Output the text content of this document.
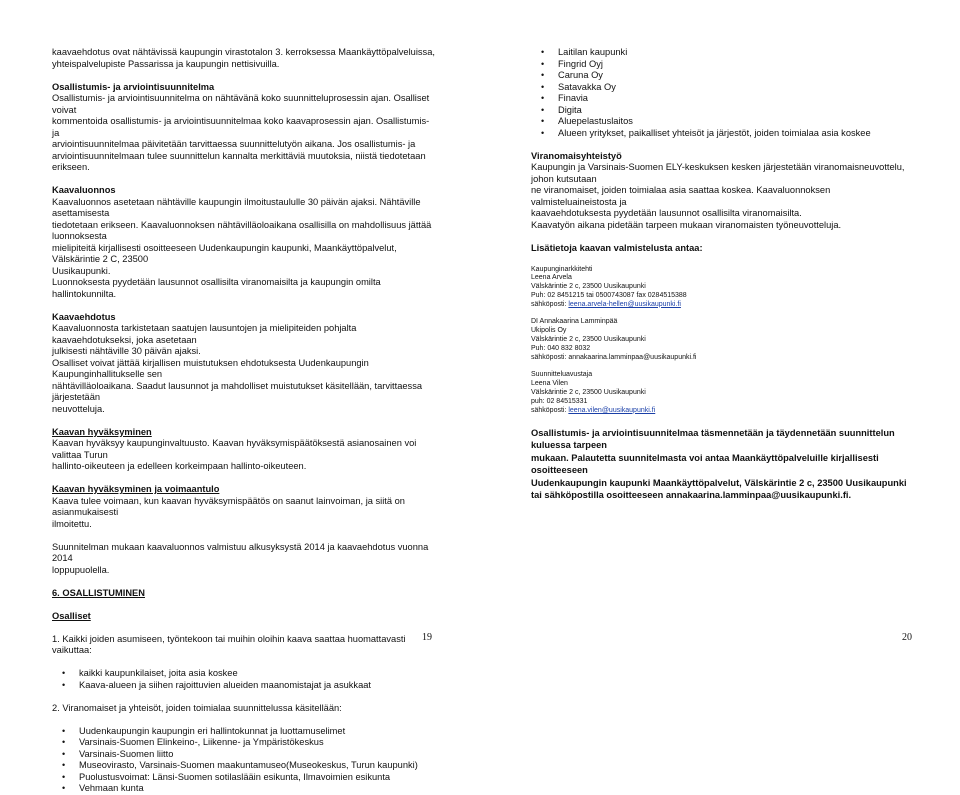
kaavaehdotus ovat nähtävissä kaupungin virastotalon 3. kerroksessa Maankäyttöpalveluissa,

yhteispalvelupiste Passarissa ja kaupungin nettisivuilla.

Osallistumis- ja arviointisuunnitelma

Osallistumis- ja arviointisuunnitelma on nähtävänä koko suunnitteluprosessin ajan. Osalliset voivat

kommentoida osallistumis- ja arviointisuunnitelmaa koko kaavaprosessin ajan. Osallistumis- ja

arviointisuunnitelmaa päivitetään tarvittaessa suunnittelutyön aikana. Jos osallistumis- ja

arviointisuunnitelmaan tulee suunnittelun kannalta merkittäviä muutoksia, niistä tiedotetaan erikseen.

Kaavaluonnos

Kaavaluonnos asetetaan nähtäville kaupungin ilmoitustaululle 30 päivän ajaksi. Nähtäville asettamisesta

tiedotetaan erikseen. Kaavaluonnoksen nähtävilläoloaikana osallisilla on mahdollisuus jättää luonnoksesta

mielipiteitä kirjallisesti osoitteeseen Uudenkaupungin kaupunki, Maankäyttöpalvelut, Välskärintie 2 C, 23500

Uusikaupunki.

Luonnoksesta pyydetään lausunnot osallisilta viranomaisilta ja kaupungin omilta hallintokunnilta.

Kaavaehdotus

Kaavaluonnosta tarkistetaan saatujen lausuntojen ja mielipiteiden pohjalta kaavaehdotukseksi, joka asetetaan

julkisesti nähtäville 30 päivän ajaksi.

Osalliset voivat jättää kirjallisen muistutuksen ehdotuksesta Uudenkaupungin Kaupunginhallitukselle sen

nähtävilläoloaikana. Saadut lausunnot ja mahdolliset muistutukset käsitellään, tarvittaessa järjestetään

neuvotteluja.

Kaavan hyväksyminen

Kaavan hyväksyy kaupunginvaltuusto. Kaavan hyväksymispäätöksestä asianosainen voi valittaa Turun

hallinto-oikeuteen ja edelleen korkeimpaan hallinto-oikeuteen.

Kaavan hyväksyminen ja voimaantulo

Kaava tulee voimaan, kun kaavan hyväksymispäätös on saanut lainvoiman, ja siitä on asianmukaisesti

ilmoitettu.

Suunnitelman mukaan kaavaluonnos valmistuu alkusyksystä 2014 ja kaavaehdotus vuonna 2014

loppupuolella.

6. OSALLISTUMINEN

Osalliset

1. Kaikki joiden asumiseen, työntekoon tai muihin oloihin kaava saattaa huomattavasti vaikuttaa:

• kaikki kaupunkilaiset, joita asia koskee
• Kaava-alueen ja siihen rajoittuvien alueiden maanomistajat ja asukkaat

2. Viranomaiset ja yhteisöt, joiden toimialaa suunnittelussa käsitellään:

• Uudenkaupungin kaupungin eri hallintokunnat ja luottamuselimet
• Varsinais-Suomen Elinkeino-, Liikenne- ja Ympäristökeskus
• Varsinais-Suomen liitto
• Museovirasto, Varsinais-Suomen maakuntamuseo(Museokeskus, Turun kaupunki)
• Puolustusvoimat: Länsi-Suomen sotilaslääin esikunta, Ilmavoimien esikunta
• Vehmaan kunta
19
• Laitilan kaupunki
• Fingrid Oyj
• Caruna Oy
• Satavakka Oy
• Finavia
• Digita
• Aluepelastuslaitos
• Alueen yritykset, paikalliset yhteisöt ja järjestöt, joiden toimialaa asia koskee

Viranomaisyhteistyö

Kaupungin ja Varsinais-Suomen ELY-keskuksen kesken järjestetään viranomaisneuvottelu, johon kutsutaan

ne viranomaiset, joiden toimialaa asia saattaa koskea. Kaavaluonnoksen valmisteluaineistosta ja

kaavaehdotuksesta pyydetään lausunnot osallisilta viranomaisilta.

Kaavatyön aikana pidetään tarpeen mukaan viranomaisten työneuvotteluja.

Lisätietoja kaavan valmistelusta antaa:

Kaupunginarkkitehti

Leena Arvela

Välskärintie 2 c, 23500 Uusikaupunki

Puh: 02 8451215 tai 0500743087 fax 0284515388

sähköposti: leena.arvela-hellen@uusikaupunki.fi

DI Annakaarina Lamminpää

Ukipolis Oy

Välskärintie 2 c, 23500 Uusikaupunki

Puh: 040 832 8032

sähköposti: annakaarina.lamminpaa@uusikaupunki.fi

Suunnitteluavustaja

Leena Vilen

Välskärintie 2 c, 23500 Uusikaupunki

puh: 02 84515331

sähköposti: leena.vilen@uusikaupunki.fi

Osallistumis- ja arviointisuunnitelmaa täsmennetään ja täydennetään suunnittelun kuluessa tarpeen

mukaan. Palautetta suunnitelmasta voi antaa Maankäyttöpalveluille kirjallisesti osoitteeseen

Uudenkaupungin kaupunki Maankäyttöpalvelut, Välskärintie 2 c, 23500 Uusikaupunki

tai sähköpostilla osoitteeseen annakaarina.lamminpaa@uusikaupunki.fi.

20
